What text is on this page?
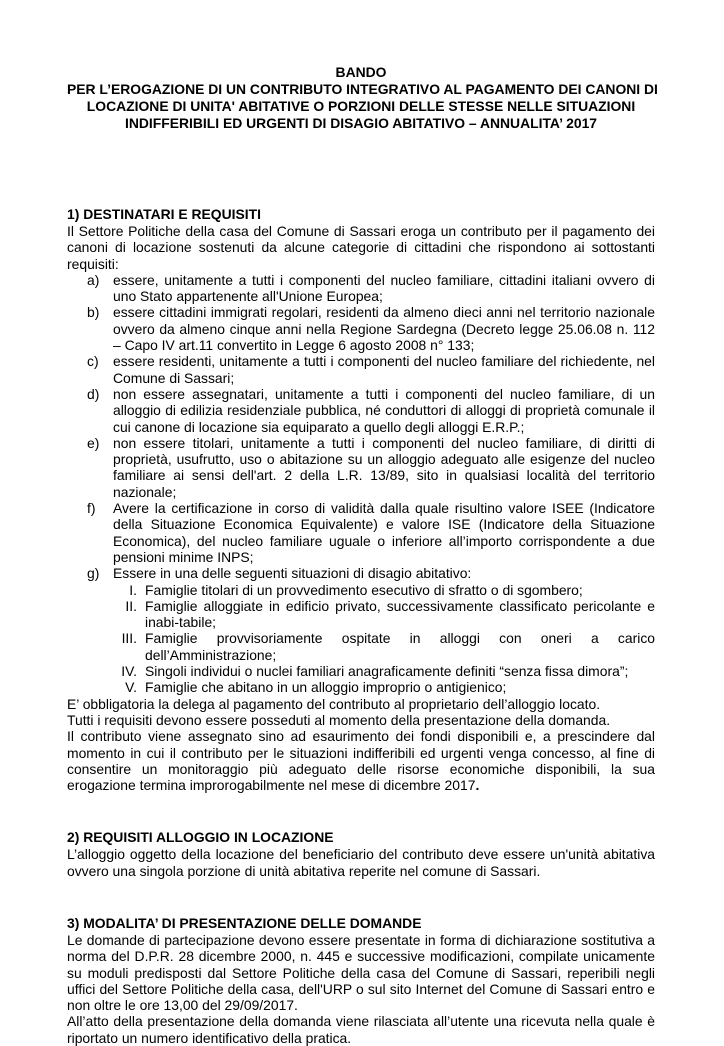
BANDO
PER L’EROGAZIONE DI UN CONTRIBUTO INTEGRATIVO AL PAGAMENTO DEI CANONI DI
LOCAZIONE DI UNITA' ABITATIVE O PORZIONI DELLE STESSE NELLE SITUAZIONI
INDIFFERIBILI ED URGENTI DI DISAGIO ABITATIVO – ANNUALITA’ 2017
1) DESTINATARI E REQUISITI

Il Settore Politiche della casa del Comune di Sassari eroga un contributo per il pagamento dei canoni di locazione sostenuti da alcune categorie di cittadini che rispondono ai sottostanti requisiti:

a) essere, unitamente a tutti i componenti del nucleo familiare, cittadini italiani ovvero di uno Stato appartenente all'Unione Europea;
b) essere cittadini immigrati regolari, residenti da almeno dieci anni nel territorio nazionale ovvero da almeno cinque anni nella Regione Sardegna (Decreto legge 25.06.08 n. 112 – Capo IV art.11 convertito in Legge 6 agosto 2008 n° 133;
c) essere residenti, unitamente a tutti i componenti del nucleo familiare del richiedente, nel Comune di Sassari;
d) non essere assegnatari, unitamente a tutti i componenti del nucleo familiare, di un alloggio di edilizia residenziale pubblica, né conduttori di alloggi di proprietà comunale il cui canone di locazione sia equiparato a quello degli alloggi E.R.P.;
e) non essere titolari, unitamente a tutti i componenti del nucleo familiare, di diritti di proprietà, usufrutto, uso o abitazione su un alloggio adeguato alle esigenze del nucleo familiare ai sensi dell'art. 2 della L.R. 13/89, sito in qualsiasi località del territorio nazionale;
f) Avere la certificazione in corso di validità dalla quale risultino valore ISEE (Indicatore della Situazione Economica Equivalente) e valore ISE (Indicatore della Situazione Economica), del nucleo familiare uguale o inferiore all’importo corrispondente a due pensioni minime INPS;
g) Essere in una delle seguenti situazioni di disagio abitativo:
I. Famiglie titolari di un provvedimento esecutivo di sfratto o di sgombero;
II. Famiglie alloggiate in edificio privato, successivamente classificato pericolante e inabi-tabile;
III. Famiglie provvisoriamente ospitate in alloggi con oneri a carico dell’Amministrazione;
IV. Singoli individui o nuclei familiari anagraficamente definiti “senza fissa dimora”;
V. Famiglie che abitano in un alloggio improprio o antigienico;

E’ obbligatoria la delega al pagamento del contributo al proprietario dell’alloggio locato.

Tutti i requisiti devono essere posseduti al momento della presentazione della domanda.

Il contributo viene assegnato sino ad esaurimento dei fondi disponibili e, a prescindere dal momento in cui il contributo per le situazioni indifferibili ed urgenti venga concesso, al fine di consentire un monitoraggio più adeguato delle risorse economiche disponibili, la sua erogazione termina improrogabilmente nel mese di dicembre 2017.

2) REQUISITI ALLOGGIO IN LOCAZIONE

L’alloggio oggetto della locazione del beneficiario del contributo deve essere un'unità abitativa ovvero una singola porzione di unità abitativa reperite nel comune di Sassari.

3) MODALITA’ DI PRESENTAZIONE DELLE DOMANDE

Le domande di partecipazione devono essere presentate in forma di dichiarazione sostitutiva a norma del D.P.R. 28 dicembre 2000, n. 445 e successive modificazioni, compilate unicamente su moduli predisposti dal Settore Politiche della casa del Comune di Sassari, reperibili negli uffici del Settore Politiche della casa, dell'URP o sul sito Internet del Comune di Sassari entro e non oltre le ore 13,00 del 29/09/2017.

All’atto della presentazione della domanda viene rilasciata all’utente una ricevuta nella quale è riportato un numero identificativo della pratica.
